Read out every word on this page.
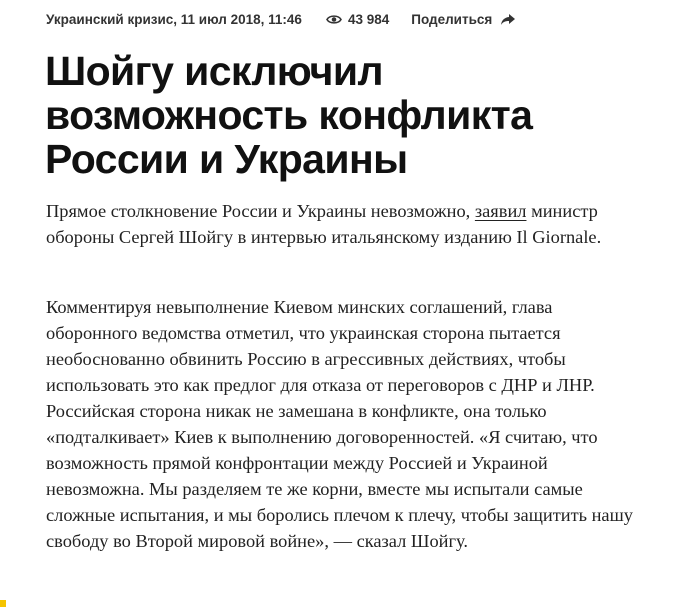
Украинский кризис, 11 июл 2018, 11:46	43 984 Поделиться
Шойгу исключил возможность конфликта России и Украины

Прямое столкновение России и Украины невозможно, заявил министр обороны Сергей Шойгу в интервью итальянскому изданию Il Giornale.

Комментируя невыполнение Киевом минских соглашений, глава оборонного ведомства отметил, что украинская сторона пытается необоснованно обвинить Россию в агрессивных действиях, чтобы использовать это как предлог для отказа от переговоров с ДНР и ЛНР. Российская сторона никак не замешана в конфликте, она только «подталкивает» Киев к выполнению договоренностей. «Я считаю, что возможность прямой конфронтации между Россией и Украиной невозможна. Мы разделяем те же корни, вместе мы испытали самые сложные испытания, и мы боролись плечом к плечу, чтобы защитить нашу свободу во Второй мировой войне», — сказал Шойгу.
